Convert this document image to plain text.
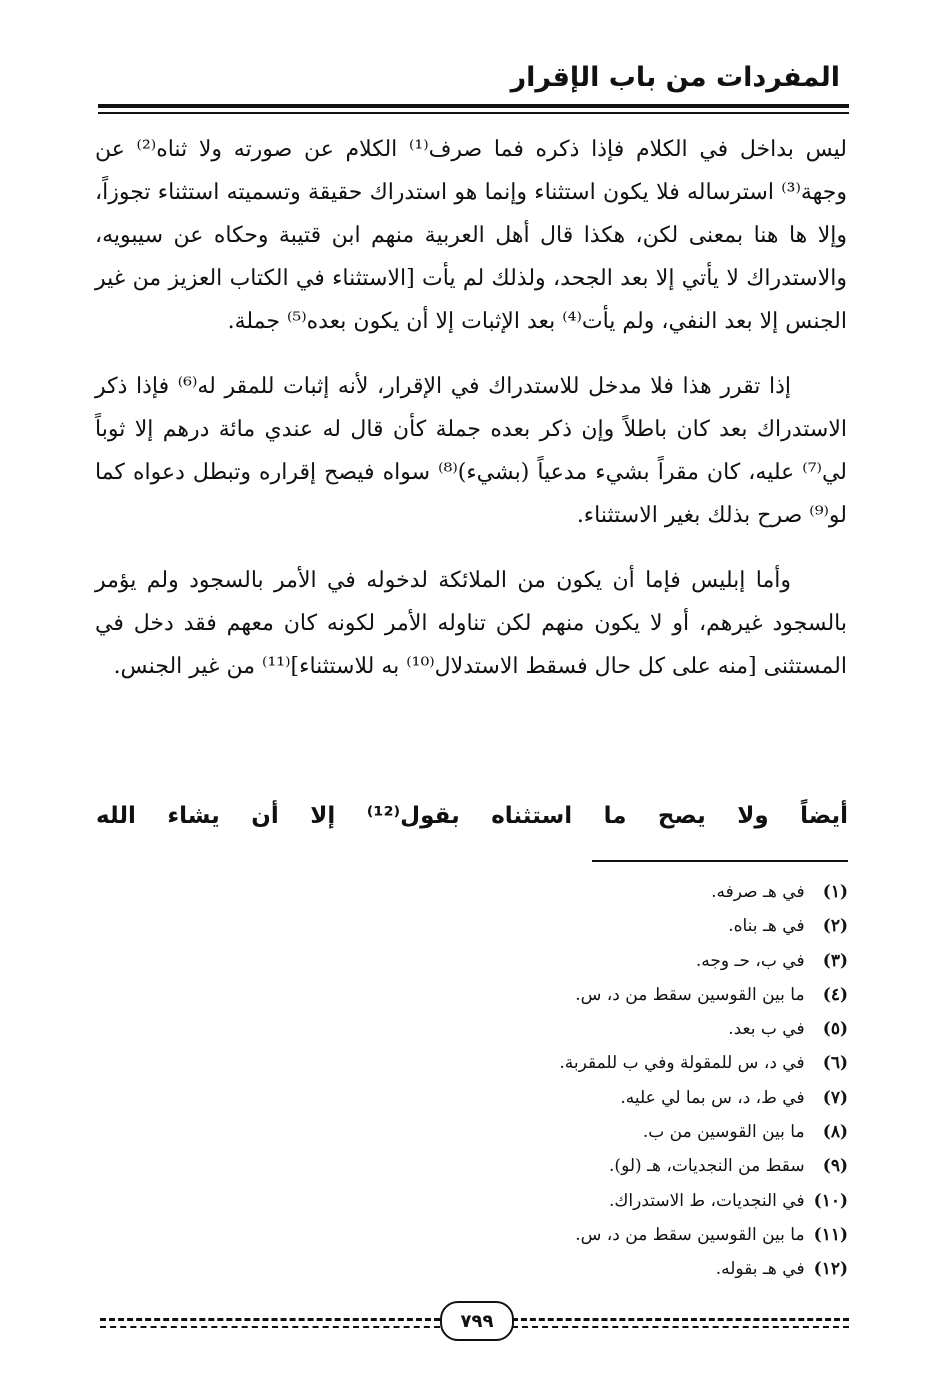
المفردات من باب الإقرار

ليس بداخل في الكلام فإذا ذكره فما صرف⁽¹⁾ الكلام عن صورته ولا ثناه⁽²⁾ عن وجهة⁽³⁾ استرساله فلا يكون استثناء وإنما هو استدراك حقيقة وتسميته استثناء تجوزاً، وإلا ها هنا بمعنى لكن، هكذا قال أهل العربية منهم ابن قتيبة وحكاه عن سيبويه، والاستدراك لا يأتي إلا بعد الجحد، ولذلك لم يأت [الاستثناء في الكتاب العزيز من غير الجنس إلا بعد النفي، ولم يأت⁽⁴⁾ بعد الإثبات إلا أن يكون بعده⁽⁵⁾ جملة.

إذا تقرر هذا فلا مدخل للاستدراك في الإقرار، لأنه إثبات للمقر له⁽⁶⁾ فإذا ذكر الاستدراك بعد كان باطلاً وإن ذكر بعده جملة كأن قال له عندي مائة درهم إلا ثوباً لي⁽⁷⁾ عليه، كان مقراً بشيء مدعياً (بشيء)⁽⁸⁾ سواه فيصح إقراره وتبطل دعواه كما لو⁽⁹⁾ صرح بذلك بغير الاستثناء.

وأما إبليس فإما أن يكون من الملائكة لدخوله في الأمر بالسجود ولم يؤمر بالسجود غيرهم، أو لا يكون منهم لكن تناوله الأمر لكونه كان معهم فقد دخل في المستثنى [منه على كل حال فسقط الاستدلال⁽¹⁰⁾ به للاستثناء]⁽¹¹⁾ من غير الجنس.

أيضاً ولا يصح ما استثناه بقول⁽¹²⁾ إلا أن يشاء الله
(١) في هـ صرفه.
(٢) في هـ بناه.
(٣) في ب، حـ وجه.
(٤) ما بين القوسين سقط من د، س.
(٥) في ب بعد.
(٦) في د، س للمقولة وفي ب للمقربة.
(٧) في ط، د، س بما لي عليه.
(٨) ما بين القوسين من ب.
(٩) سقط من النجديات، هـ (لو).
(١٠) في النجديات، ط الاستدراك.
(١١) ما بين القوسين سقط من د، س.
(١٢) في هـ بقوله.
٧٩٩
